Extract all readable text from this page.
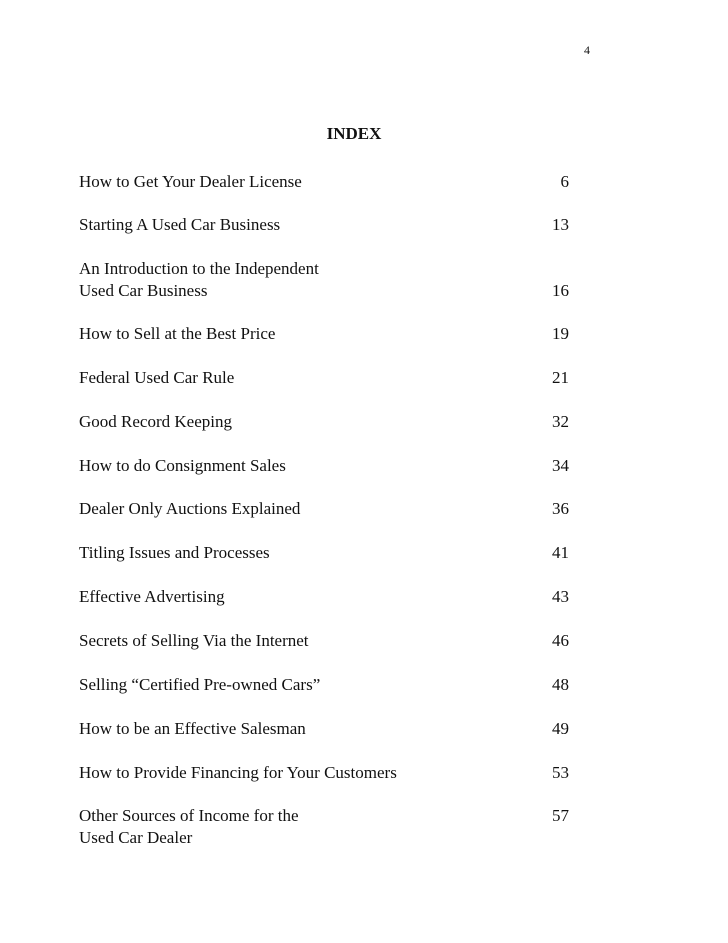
4
INDEX
How to Get Your Dealer License	6
Starting A Used Car Business	13
An Introduction to the Independent
Used Car Business	16
How to Sell at the Best Price	19
Federal Used Car Rule	21
Good Record Keeping	32
How to do Consignment Sales	34
Dealer Only Auctions Explained	36
Titling Issues and Processes	41
Effective Advertising	43
Secrets of Selling Via the Internet	46
Selling “Certified Pre-owned Cars”	48
How to be an Effective Salesman	49
How to Provide Financing for Your Customers	53
Other Sources of Income for the
Used Car Dealer
57
